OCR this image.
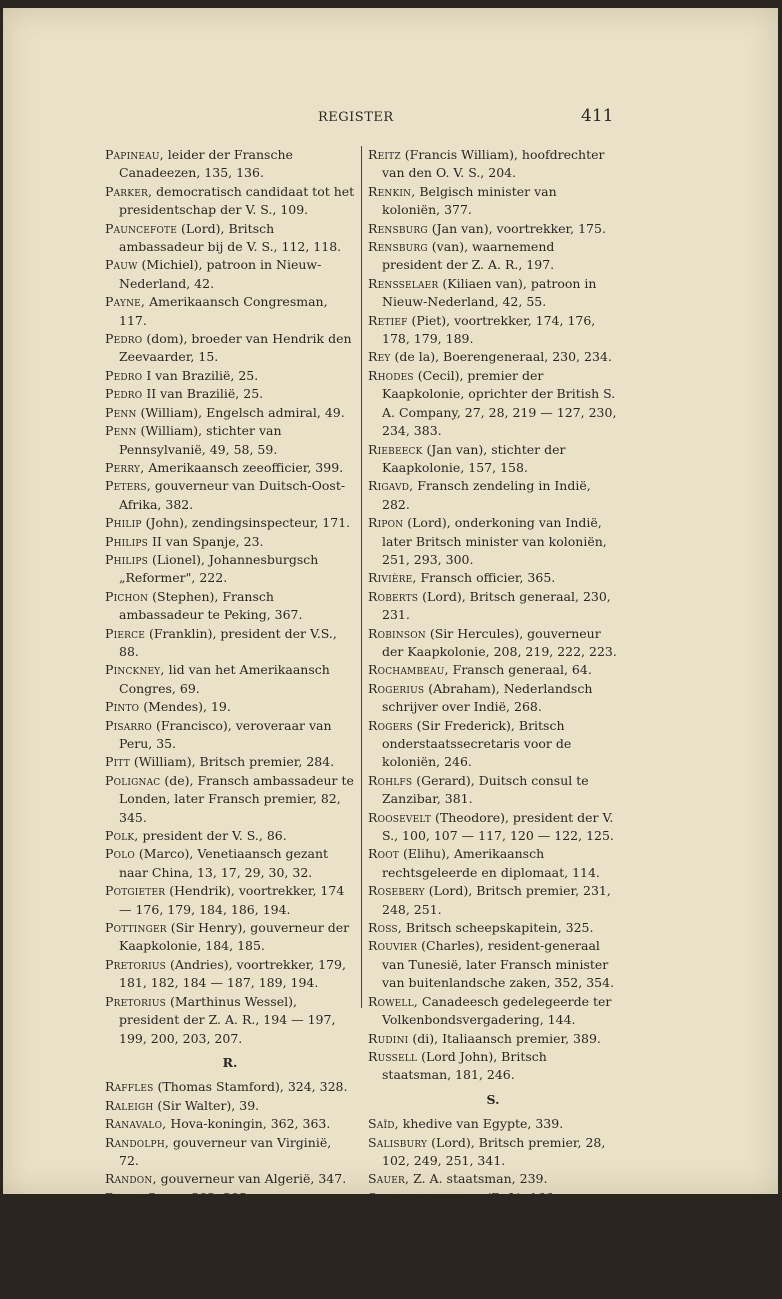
REGISTER	411

Papineau, leider der Fransche Canadeezen, 135, 136.

Parker, democratisch candidaat tot het presidentschap der V. S., 109.

Pauncefote (Lord), Britsch ambassadeur bij de V. S., 112, 118.

Pauw (Michiel), patroon in Nieuw-Nederland, 42.

Payne, Amerikaansch Congresman, 117.

Pedro (dom), broeder van Hendrik den Zeevaarder, 15.

Pedro I van Brazilië, 25.

Pedro II van Brazilië, 25.

Penn (William), Engelsch admiral, 49.

Penn (William), stichter van Pennsylvanië, 49, 58, 59.

Perry, Amerikaansch zeeofficier, 399.

Peters, gouverneur van Duitsch-Oost-Afrika, 382.

Philip (John), zendingsinspecteur, 171.

Philips II van Spanje, 23.

Philips (Lionel), Johannesburgsch „Reformer", 222.

Pichon (Stephen), Fransch ambassadeur te Peking, 367.

Pierce (Franklin), president der V.S., 88.

Pinckney, lid van het Amerikaansch Congres, 69.

Pinto (Mendes), 19.

Pisarro (Francisco), veroveraar van Peru, 35.

Pitt (William), Britsch premier, 284.

Polignac (de), Fransch ambassadeur te Londen, later Fransch premier, 82, 345.

Polk, president der V. S., 86.

Polo (Marco), Venetiaansch gezant naar China, 13, 17, 29, 30, 32.

Potgieter (Hendrik), voortrekker, 174 — 176, 179, 184, 186, 194.

Pottinger (Sir Henry), gouverneur der Kaapkolonie, 184, 185.

Pretorius (Andries), voortrekker, 179, 181, 182, 184 — 187, 189, 194.

Pretorius (Marthinus Wessel), president der Z. A. R., 194 — 197, 199, 200, 203, 207.

R.

Raffles (Thomas Stamford), 324, 328.

Raleigh (Sir Walter), 39.

Ranavalo, Hova-koningin, 362, 363.

Randolph, gouverneur van Virginië, 72.

Randon, gouverneur van Algerië, 347.

Ranjit Singh, 292, 293.

Reading (Lord), onderkoning van Indië, 322.

Reichardt, Duitsch ontdekkingsreiziger, 372.

Reitz (Francis William), hoofdrechter van den O. V. S., 204.

Renkin, Belgisch minister van koloniën, 377.

Rensburg (Jan van), voortrekker, 175.

Rensburg (van), waarnemend president der Z. A. R., 197.

Rensselaer (Kiliaen van), patroon in Nieuw-Nederland, 42, 55.

Retief (Piet), voortrekker, 174, 176, 178, 179, 189.

Rey (de la), Boerengeneraal, 230, 234.

Rhodes (Cecil), premier der Kaapkolonie, oprichter der British S. A. Company, 27, 28, 219 — 127, 230, 234, 383.

Riebeeck (Jan van), stichter der Kaapkolonie, 157, 158.

Rigavd, Fransch zendeling in Indië, 282.

Ripon (Lord), onderkoning van Indië, later Britsch minister van koloniën, 251, 293, 300.

Rivière, Fransch officier, 365.

Roberts (Lord), Britsch generaal, 230, 231.

Robinson (Sir Hercules), gouverneur der Kaapkolonie, 208, 219, 222, 223.

Rochambeau, Fransch generaal, 64.

Rogerius (Abraham), Nederlandsch schrijver over Indië, 268.

Rogers (Sir Frederick), Britsch onderstaatssecretaris voor de koloniën, 246.

Rohlfs (Gerard), Duitsch consul te Zanzibar, 381.

Roosevelt (Theodore), president der V. S., 100, 107 — 117, 120 — 122, 125.

Root (Elihu), Amerikaansch rechtsgeleerde en diplomaat, 114.

Rosebery (Lord), Britsch premier, 231, 248, 251.

Ross, Britsch scheepskapitein, 325.

Rouvier (Charles), resident-generaal van Tunesië, later Fransch minister van buitenlandsche zaken, 352, 354.

Rowell, Canadeesch gedelegeerde ter Volkenbondsvergadering, 144.

Rudini (di), Italiaansch premier, 389.

Russell (Lord John), Britsch staatsman, 181, 246.

S.

Saïd, khedive van Egypte, 339.

Salisbury (Lord), Britsch premier, 28, 102, 249, 251, 341.

Sauer, Z. A. staatsman, 239.

Schimmelpenninck (R. J.), 166.

Schley, Amerikaansch admiraal, 105, 114.

Schoeman (Stephanus), commandant-generaal der republiek Zoutpansberg, 194, 195, 197.
